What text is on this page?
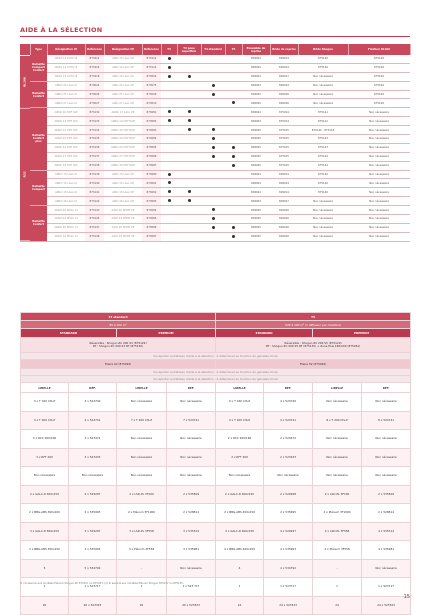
AIDE À LA SÉLECTION
	Type	Désignation UI	Référence	Désignation UE	Référence	T3	T4 pose superficie	T4 standard	T5	Ensemble de reprise	Bride de reprise	Bride Shogun	Fixation RL106
RL106	Rainette Compact Confort	ARRO 13 LOTS UI	873412	AIRO 13 LALL UE	873112					809924	809914	875140	875109
		ARRO 14 LOTS UI	873414	AIRO 14 LALL UE	873114					809924	809914	875140	875109
		ARRO 15 LOTS UI	873418	AIRO 15 LALL UE	873054					809924	809917	Non nécessaire	875109
	Rainette Confort	ARRO 24 LALL UI	873024	AIRO 24 LALL UE	873075					809924	809914	Non nécessaire	875109
		ARRO 25 LALL UI	873026	AIRO 25 LALL UE	873059					809925	809916	Non nécessaire	875109
		ARRO 27 LALL UI	873027	AIRO 27 LALL UE	873010					809925	809916	Non nécessaire	875109
R32	Rainette Confort plus	ARRO 16 HXF RUI	873132	ARRO 13 LALL UE	873081					809924	875014	875141	Non nécessaire
		ARRO 14 HXF RUI	873133	ARRO 14 HXF RUE	873082					809924	875014	875141	Non nécessaire
		ARRO 15 HXF RUI	873134	ARRO 15 HXF RUE	873083					809925	875015	875142 - 875143	Non nécessaire
		ARRO 20 HXF RUI	873135	ARRO 20 HXF RUE	873084					809925	875015	875143	Non nécessaire
		ARRO 24 HXF RUI	873136	ARRO 24 HXF RUE	873085					809925	875015	875143	Non nécessaire
		ARRO 27 HXF RUI	873137	ARRO 27 HXF RUE	873086					809925	875015	875144	Non nécessaire
		ARRO 34 HXF RUI	873138	ARRO 34 HXF RUE	873087					809925	875015	875144	Non nécessaire
	Rainette Compact	ARRO 13 LALL UI	873139	AIRO 13 LALL UE	873080					809924	809914	875140	Non nécessaire
		ARRO 14 LALL UI	873140	AIRO 14 LALL UE	873081					809924	809914	875140	Non nécessaire
		ARRO 15 LALL UI	873141	AIRO 15 LALL UE	873062					809924	809914	875140	Non nécessaire
		ARRO 16 LALL UI	873142	AIRO 16 LALL UE	873083					809924	809917	Non nécessaire	Non nécessaire
	Rainette Confort	ARRO 20 MSLA UI	873143	AIRO 20 MSTB UE	873084					809925	809916	Non nécessaire	Non nécessaire
		ARRO 24 MSLA UI	873145	AIRO 24 MSTB UE	873085					809925	809916	Non nécessaire	Non nécessaire
		ARRO 26 MSLA UI	873147	AIRO 26 MSTB UE	873086					809925	809916	Non nécessaire	Non nécessaire
		ARRO 32 MSLA UI	873148	AIRO 32 MSTB UE	873087					809925	809916	Non nécessaire	Non nécessaire
T4 standard				T5			
85 à 100 m²				SUP à 100 m² (1 diffuseur par chambre)			
STANDARD		PREMIUM		STANDARD		PREMIUM	
Réversible : Shogun ZC 200 S3 (875129)
RT : Shogun ZC 200 S3 RT (875130)				Réversible : Shogun ZC 200 S5 (875129)
RT : Shogun ZC 200 S5 RT (875135) + Zone Plus 160/200 (875052)			
Se reporter au tableau d'aide à la sélection : À déterminer en fonction du gainable choisi							
Filaire 42 (875093)				Filaire 52 (875094)			
Se reporter au tableau d'aide à la sélection : À déterminer en fonction du gainable choisi							
Se reporter au tableau d'aide à la sélection : À déterminer en fonction du gainable choisi							
LIBELLÉ	RÉF.	LIBELLÉ	RÉF.	LIBELLÉ	RÉF.	LIBELLÉ	RÉF.
3 x T 160 CIS-P	3 x 524740	Non nécessaire	Non nécessaire	4 x T 160 CIS-P	4 x 524740	Non nécessaire	Non nécessaire
4 x T 200 CIS-P	4 x 524741	7 x T 200 CIS-P	7 x 524741	4 x T 200 CIS-P	4 x 524741	8 x T 200 CIS-P	8 x 524741
3 x RCC 200/160	3 x 523472	Non nécessaire	Non nécessaire	2 x RCC 200/160	2 x 523472	Non nécessaire	Non nécessaire
3 x RFT 200	3 x 523433	Non nécessaire	Non nécessaire	2 x RFT 200	2 x 523433	Non nécessaire	Non nécessaire
Non nécessaire	Non nécessaire	Non nécessaire	Non nécessaire	Non nécessaire	Non nécessaire	Non nécessaire	Non nécessaire
2 x GALC-R 300x150	2 x 529297	2 x LSD-PL 3F100	2 x 535509	2 x GALC-R 400x150	2 x 529298	2 x LSD-PL 3F100	2 x 535509
2 x BBG-ABS 300x100	2 x 535993	2 x Plénum 3F1000	2 x 528814	2 x BBG-ABS 400x150	2 x 535995	2 x Plénum 3F1000	2 x 528814
3 x GALC-R 300x150	3 x 529297	3 x LSD-PL 3F558	3 x 535314	4 x GALC-R 400x150	4 x 529297	4 x LSD-PL 3F558	4 x 535314
3 x BBG-ABS 300x150	3 x 535993	3 x Plénum 3F558	3 x 535981	4 x BBG-ABS 400x150	4 x 535993	4 x Plénum 3F558	4 x 535981
5	5 x 534792	-	Non nécessaire	4	4 x 534792	-	Non nécessaire
1	1 x 523717	1	1 x 523 717	1	1 x 523717	1	1 x 523717
20	20 x 523323	20	20 x 523323	24	24 x 523323	24	24 x 523323
(1) Si associé aux modèles Plénum Shogun ZC 875017 ou 875033. (2) Si associé aux modèles Plénum Shogun 875137 ou 875135.
15
